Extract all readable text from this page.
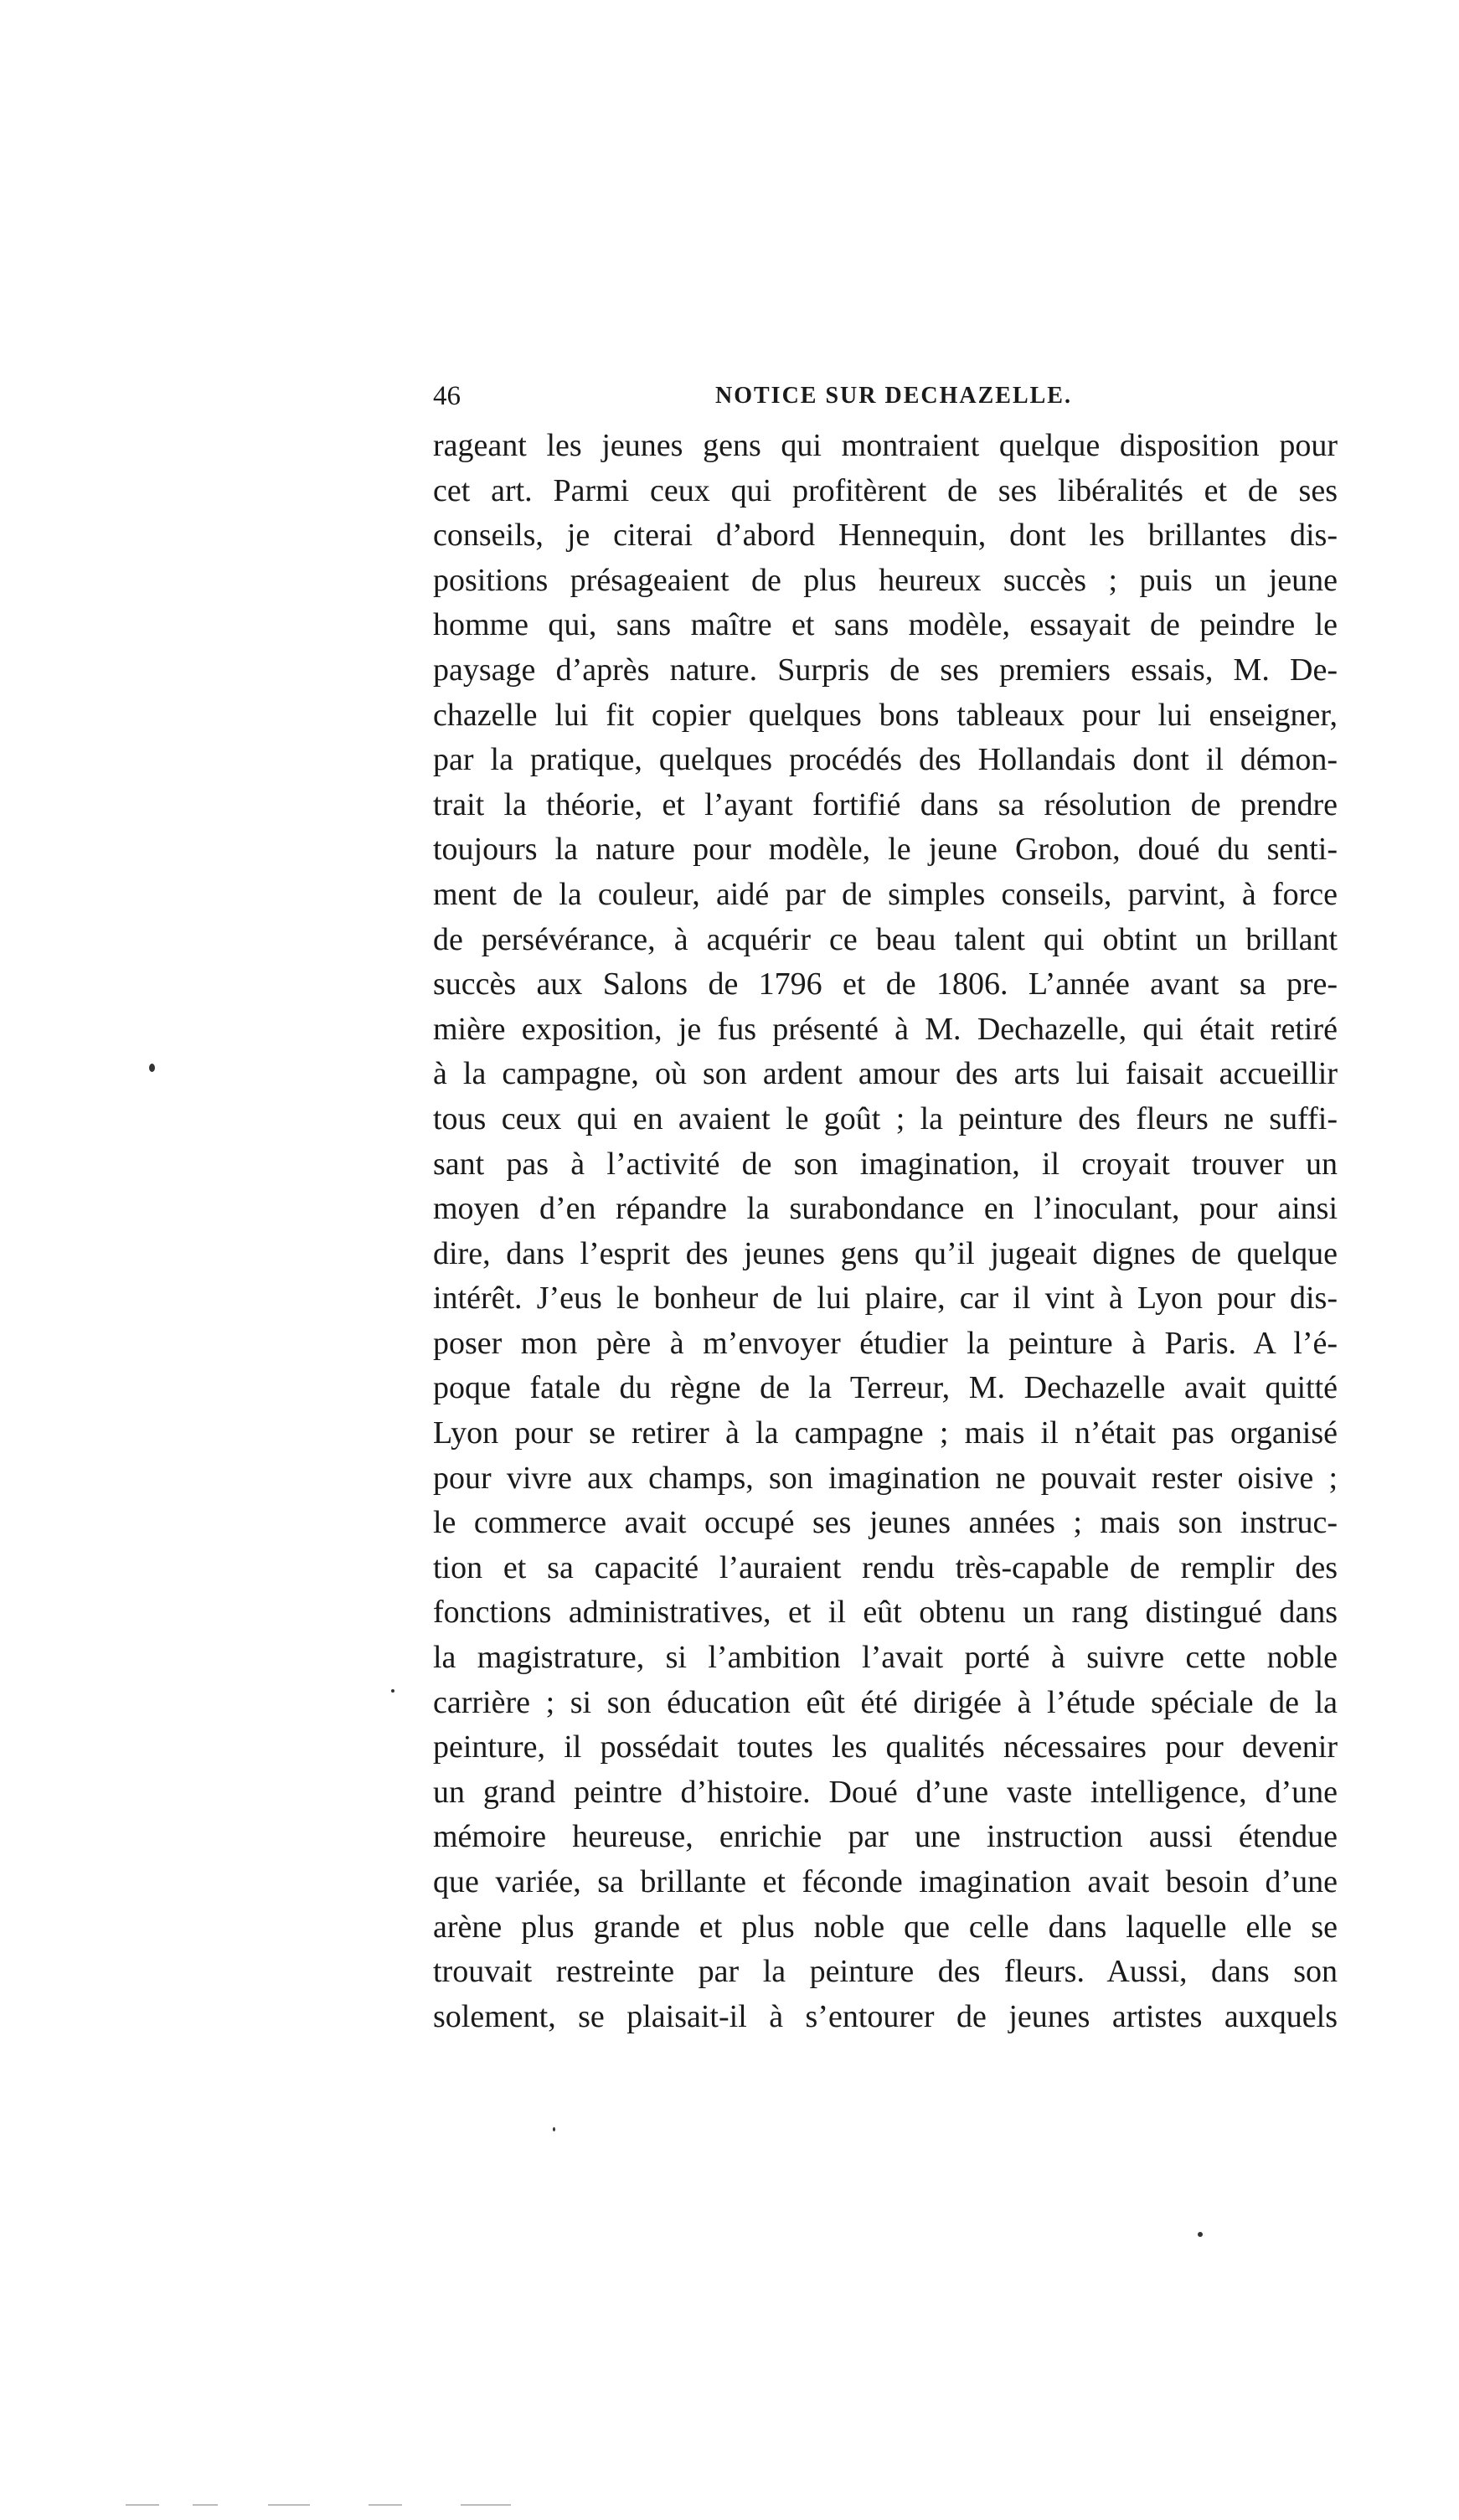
46	NOTICE SUR DECHAZELLE.
rageant les jeunes gens qui montraient quelque disposition pour
cet art. Parmi ceux qui profitèrent de ses libéralités et de ses
conseils, je citerai d’abord Hennequin, dont les brillantes dis-
positions présageaient de plus heureux succès ; puis un jeune
homme qui, sans maître et sans modèle, essayait de peindre le
paysage d’après nature. Surpris de ses premiers essais, M. De-
chazelle lui fit copier quelques bons tableaux pour lui enseigner,
par la pratique, quelques procédés des Hollandais dont il démon-
trait la théorie, et l’ayant fortifié dans sa résolution de prendre
toujours la nature pour modèle, le jeune Grobon, doué du senti-
ment de la couleur, aidé par de simples conseils, parvint, à force
de persévérance, à acquérir ce beau talent qui obtint un brillant
succès aux Salons de 1796 et de 1806. L’année avant sa pre-
mière exposition, je fus présenté à M. Dechazelle, qui était retiré
à la campagne, où son ardent amour des arts lui faisait accueillir
tous ceux qui en avaient le goût ; la peinture des fleurs ne suffi-
sant pas à l’activité de son imagination, il croyait trouver un
moyen d’en répandre la surabondance en l’inoculant, pour ainsi
dire, dans l’esprit des jeunes gens qu’il jugeait dignes de quelque
intérêt. J’eus le bonheur de lui plaire, car il vint à Lyon pour dis-
poser mon père à m’envoyer étudier la peinture à Paris. A l’é-
poque fatale du règne de la Terreur, M. Dechazelle avait quitté
Lyon pour se retirer à la campagne ; mais il n’était pas organisé
pour vivre aux champs, son imagination ne pouvait rester oisive ;
le commerce avait occupé ses jeunes années ; mais son instruc-
tion et sa capacité l’auraient rendu très-capable de remplir des
fonctions administratives, et il eût obtenu un rang distingué dans
la magistrature, si l’ambition l’avait porté à suivre cette noble
carrière ; si son éducation eût été dirigée à l’étude spéciale de la
peinture, il possédait toutes les qualités nécessaires pour devenir
un grand peintre d’histoire. Doué d’une vaste intelligence, d’une
mémoire heureuse, enrichie par une instruction aussi étendue
que variée, sa brillante et féconde imagination avait besoin d’une
arène plus grande et plus noble que celle dans laquelle elle se
trouvait restreinte par la peinture des fleurs. Aussi, dans son
solement, se plaisait-il à s’entourer de jeunes artistes auxquels
